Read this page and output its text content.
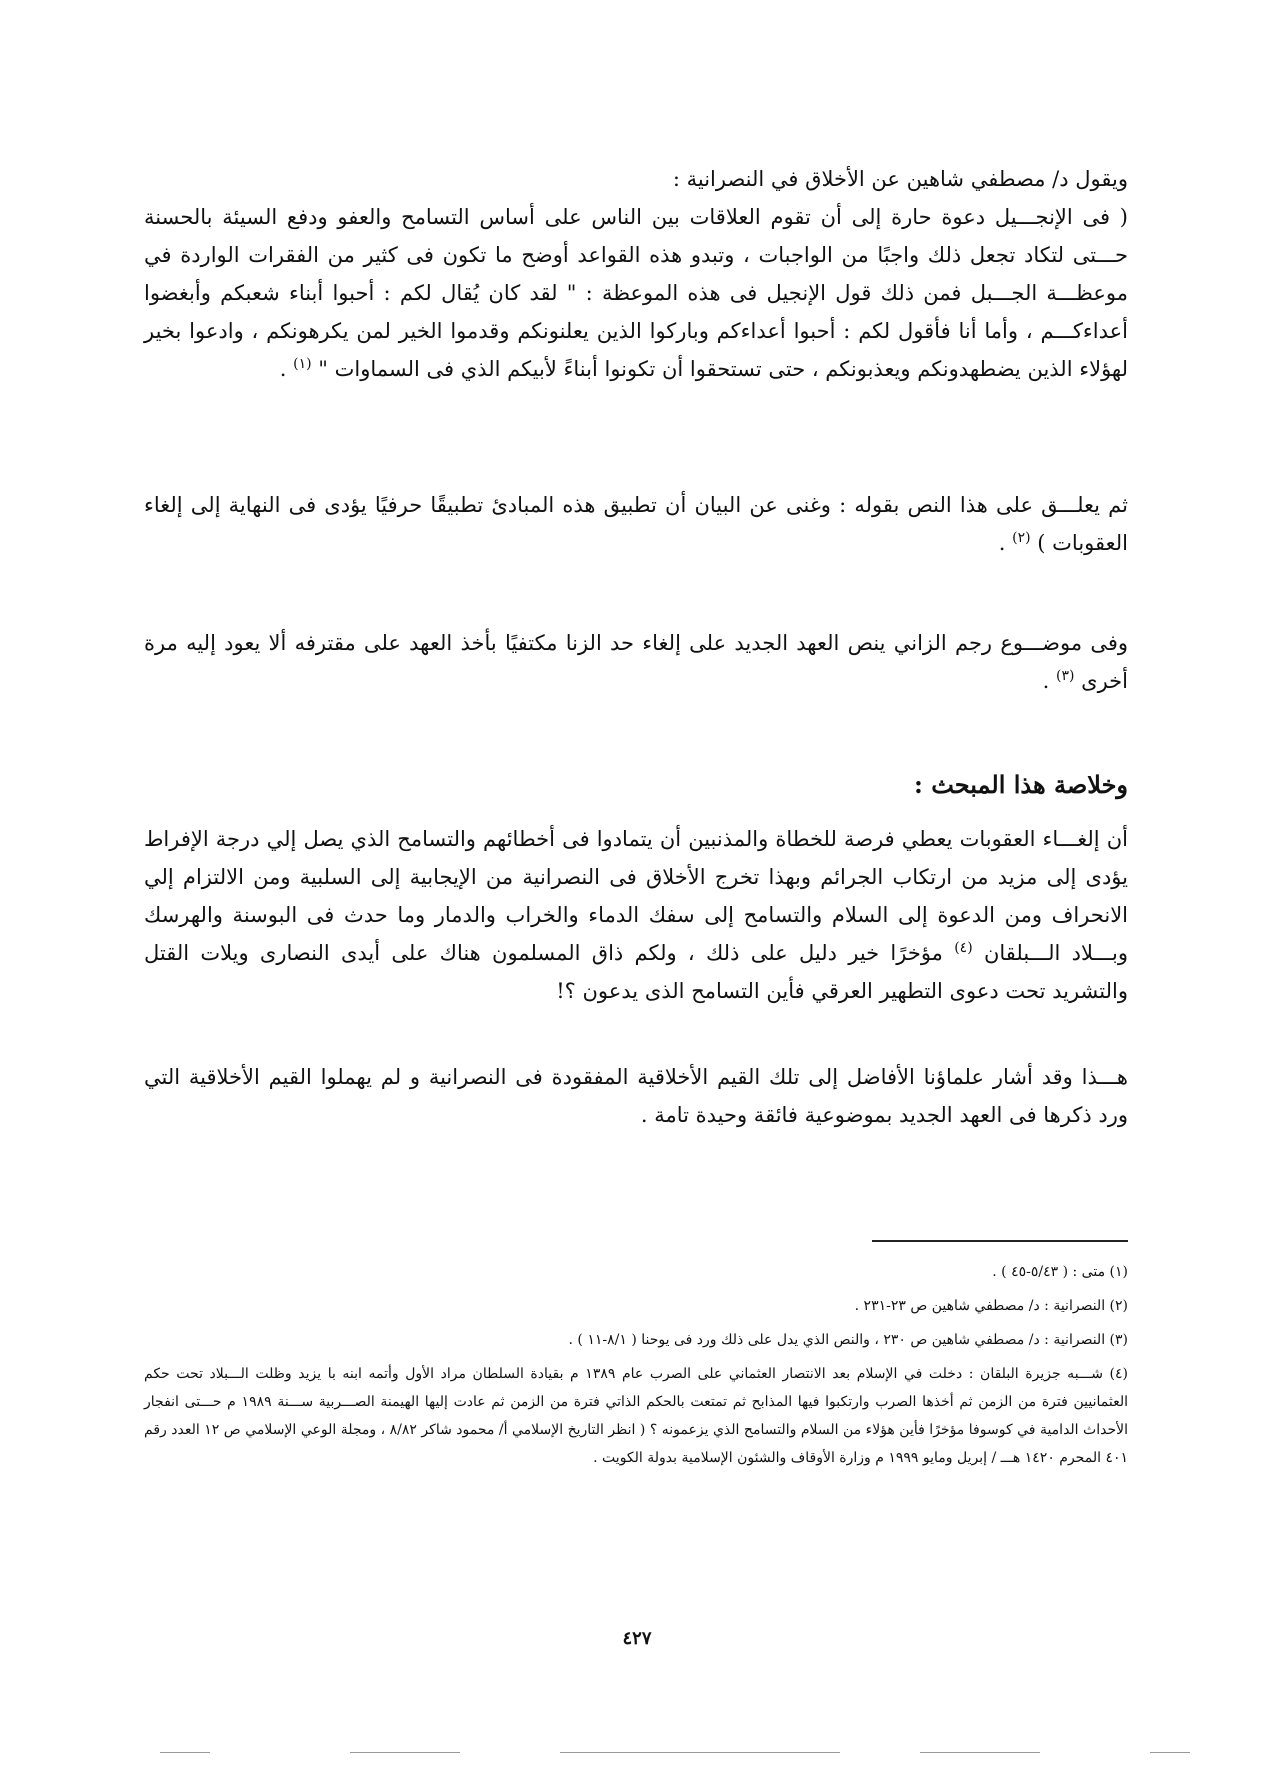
ويقول د/ مصطفي شاهين عن الأخلاق في النصرانية :

( فى الإنجـــيل دعوة حارة إلى أن تقوم العلاقات بين الناس على أساس التسامح والعفو ودفع السيئة بالحسنة حـــتى لتكاد تجعل ذلك واجبًا من الواجبات ، وتبدو هذه القواعد أوضح ما تكون فى كثير من الفقرات الواردة في موعظـــة الجـــبل فمن ذلك قول الإنجيل فى هذه الموعظة : " لقد كان يُقال لكم : أحبوا أبناء شعبكم وأبغضوا أعداءكـــم ، وأما أنا فأقول لكم : أحبوا أعداءكم وباركوا الذين يعلنونكم وقدموا الخير لمن يكرهونكم ، وادعوا بخير لهؤلاء الذين يضطهدونكم ويعذبونكم ، حتى تستحقوا أن تكونوا أبناءً لأبيكم الذي فى السماوات " $^{(١)}$ .

ثم يعلـــق على هذا النص بقوله : وغنى عن البيان أن تطبيق هذه المبادئ تطبيقًا حرفيًا يؤدى فى النهاية إلى إلغاء العقوبات ) $^{(٢)}$ .

وفى موضـــوع رجم الزاني ينص العهد الجديد على إلغاء حد الزنا مكتفيًا بأخذ العهد على مقترفه ألا يعود إليه مرة أخرى $^{(٣)}$ .

وخلاصة هذا المبحث :

أن إلغـــاء العقوبات يعطي فرصة للخطاة والمذنبين أن يتمادوا فى أخطائهم والتسامح الذي يصل إلي درجة الإفراط يؤدى إلى مزيد من ارتكاب الجرائم وبهذا تخرج الأخلاق فى النصرانية من الإيجابية إلى السلبية ومن الالتزام إلي الانحراف ومن الدعوة إلى السلام والتسامح إلى سفك الدماء والخراب والدمار وما حدث فى البوسنة والهرسك وبـــلاد الـــبلقان $^{(٤)}$ مؤخرًا خير دليل على ذلك ، ولكم ذاق المسلمون هناك على أيدى النصارى ويلات القتل والتشريد تحت دعوى التطهير العرقي فأين التسامح الذى يدعون ؟!

هـــذا وقد أشار علماؤنا الأفاضل إلى تلك القيم الأخلاقية المفقودة فى النصرانية و لم يهملوا القيم الأخلاقية التي ورد ذكرها فى العهد الجديد بموضوعية فائقة وحيدة تامة .

(١) متى : ( ٥/٤٣-٤٥ ) .

(٢) النصرانية : د/ مصطفي شاهين ص ٢٣-٢٣١ .

(٣) النصرانية : د/ مصطفي شاهين ص ٢٣٠ ، والنص الذي يدل على ذلك ورد فى يوحنا ( ٨/١-١١ ) .

(٤) شـــبه جزيرة البلقان : دخلت في الإسلام بعد الانتصار العثماني على الصرب عام ١٣٨٩ م بقيادة السلطان مراد الأول وأتمه ابنه با يزيد وظلت الـــبلاد تحت حكم العثمانيين فترة من الزمن ثم أخذها الصرب وارتكبوا فيها المذابح ثم تمتعت بالحكم الذاتي فترة من الزمن ثم عادت إليها الهيمنة الصـــربية ســـنة ١٩٨٩ م حـــتى انفجار الأحداث الدامية في كوسوفا مؤخرًا فأين هؤلاء من السلام والتسامح الذي يزعمونه ؟ ( انظر التاريخ الإسلامي أ/ محمود شاكر ٨/٨٢ ، ومجلة الوعي الإسلامي ص ١٢ العدد رقم ٤٠١ المحرم ١٤٢٠ هـــ / إبريل ومايو ١٩٩٩ م وزارة الأوقاف والشئون الإسلامية بدولة الكويت .

٤٢٧
